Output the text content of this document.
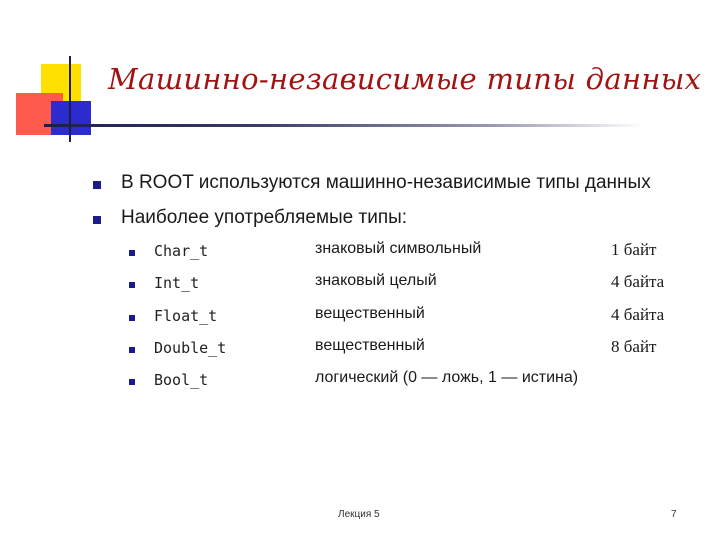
Машинно-независимые типы данных
В ROOT используются машинно-независимые типы данных
Наиболее употребляемые типы:
Char_t	знаковый символьный	1 байт
Int_t	знаковый целый	4 байта
Float_t	вещественный	4 байта
Double_t	вещественный	8 байт
Bool_t	логический (0 — ложь, 1 — истина)
Лекция 5	7
